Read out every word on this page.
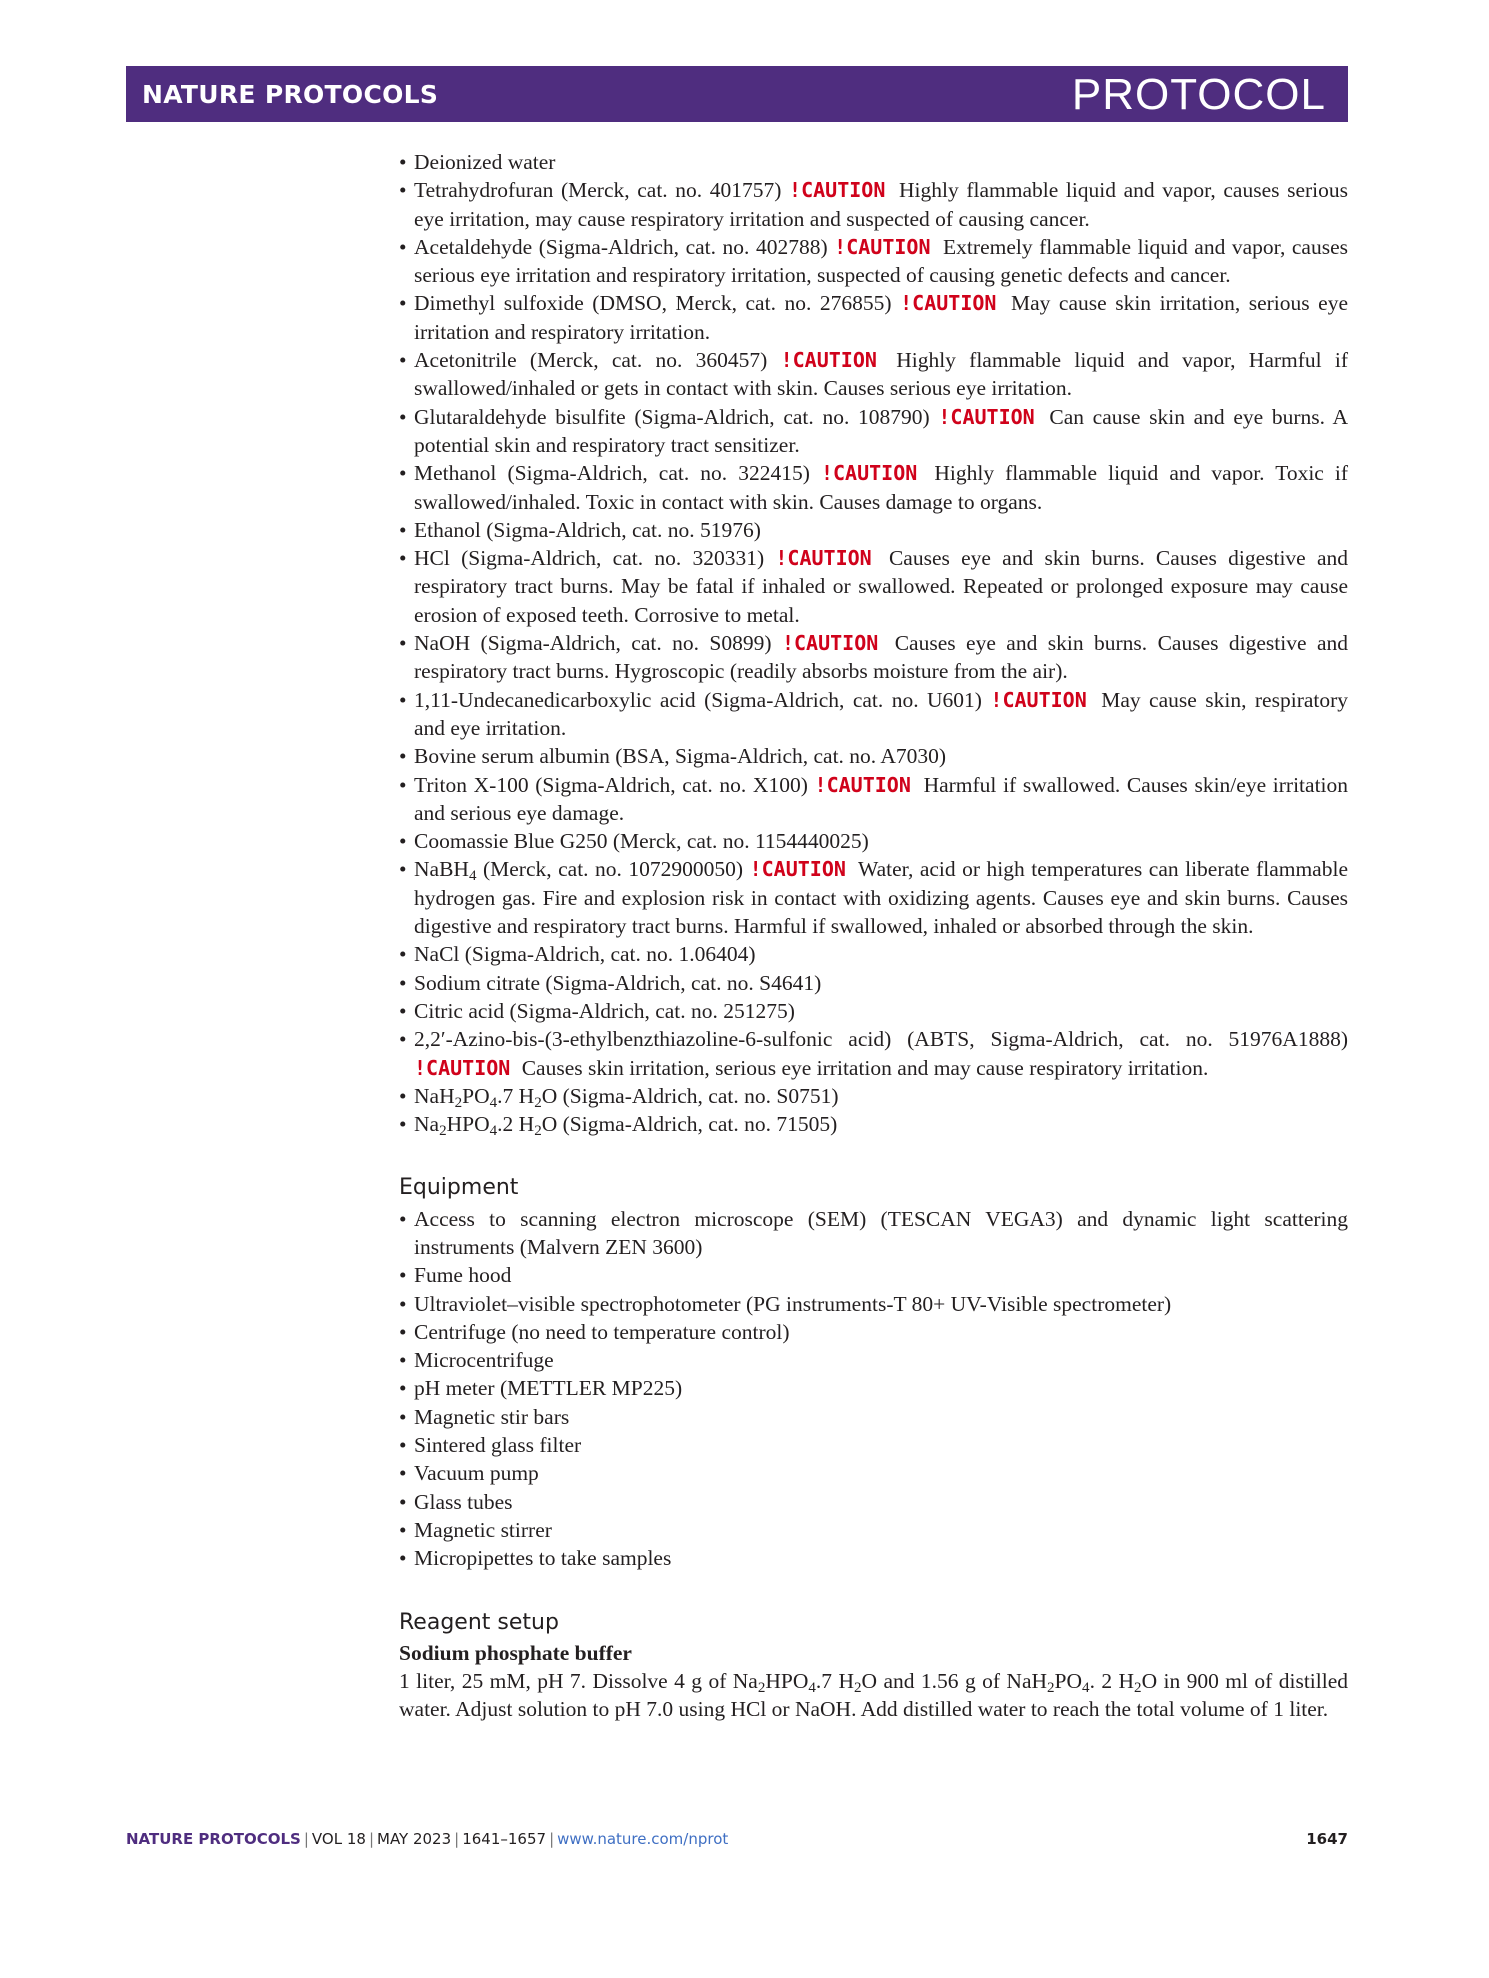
NATURE PROTOCOLS	PROTOCOL
• Deionized water
• Tetrahydrofuran (Merck, cat. no. 401757) !CAUTION Highly flammable liquid and vapor, causes serious eye irritation, may cause respiratory irritation and suspected of causing cancer.
• Acetaldehyde (Sigma-Aldrich, cat. no. 402788) !CAUTION Extremely flammable liquid and vapor, causes serious eye irritation and respiratory irritation, suspected of causing genetic defects and cancer.
• Dimethyl sulfoxide (DMSO, Merck, cat. no. 276855) !CAUTION May cause skin irritation, serious eye irritation and respiratory irritation.
• Acetonitrile (Merck, cat. no. 360457) !CAUTION Highly flammable liquid and vapor, Harmful if swallowed/inhaled or gets in contact with skin. Causes serious eye irritation.
• Glutaraldehyde bisulfite (Sigma-Aldrich, cat. no. 108790) !CAUTION Can cause skin and eye burns. A potential skin and respiratory tract sensitizer.
• Methanol (Sigma-Aldrich, cat. no. 322415) !CAUTION Highly flammable liquid and vapor. Toxic if swallowed/inhaled. Toxic in contact with skin. Causes damage to organs.
• Ethanol (Sigma-Aldrich, cat. no. 51976)
• HCl (Sigma-Aldrich, cat. no. 320331) !CAUTION Causes eye and skin burns. Causes digestive and respiratory tract burns. May be fatal if inhaled or swallowed. Repeated or prolonged exposure may cause erosion of exposed teeth. Corrosive to metal.
• NaOH (Sigma-Aldrich, cat. no. S0899) !CAUTION Causes eye and skin burns. Causes digestive and respiratory tract burns. Hygroscopic (readily absorbs moisture from the air).
• 1,11-Undecanedicarboxylic acid (Sigma-Aldrich, cat. no. U601) !CAUTION May cause skin, respiratory and eye irritation.
• Bovine serum albumin (BSA, Sigma-Aldrich, cat. no. A7030)
• Triton X-100 (Sigma-Aldrich, cat. no. X100) !CAUTION Harmful if swallowed. Causes skin/eye irritation and serious eye damage.
• Coomassie Blue G250 (Merck, cat. no. 1154440025)
• NaBH$_4$ (Merck, cat. no. 1072900050) !CAUTION Water, acid or high temperatures can liberate flammable hydrogen gas. Fire and explosion risk in contact with oxidizing agents. Causes eye and skin burns. Causes digestive and respiratory tract burns. Harmful if swallowed, inhaled or absorbed through the skin.
• NaCl (Sigma-Aldrich, cat. no. 1.06404)
• Sodium citrate (Sigma-Aldrich, cat. no. S4641)
• Citric acid (Sigma-Aldrich, cat. no. 251275)
• 2,2′-Azino-bis-(3-ethylbenzthiazoline-6-sulfonic acid) (ABTS, Sigma-Aldrich, cat. no. 51976A1888) !CAUTION Causes skin irritation, serious eye irritation and may cause respiratory irritation.
• $NaH_2PO_4.7$ $H_2O$ (Sigma-Aldrich, cat. no. S0751)
• $Na_2HPO_4.2$ $H_2O$ (Sigma-Aldrich, cat. no. 71505)
Equipment
• Access to scanning electron microscope (SEM) (TESCAN VEGA3) and dynamic light scattering instruments (Malvern ZEN 3600)
• Fume hood
• Ultraviolet–visible spectrophotometer (PG instruments-T 80+ UV-Visible spectrometer)
• Centrifuge (no need to temperature control)
• Microcentrifuge
• pH meter (METTLER MP225)
• Magnetic stir bars
• Sintered glass filter
• Vacuum pump
• Glass tubes
• Magnetic stirrer
• Micropipettes to take samples
Reagent setup
Sodium phosphate buffer
1 liter, 25 mM, pH 7. Dissolve 4 g of $Na_2HPO_4.7$ $H_2O$ and 1.56 g of $NaH_2PO_4$. 2 $H_2O$ in 900 ml of distilled water. Adjust solution to pH 7.0 using HCl or NaOH. Add distilled water to reach the total volume of 1 liter.
NATURE PROTOCOLS | VOL 18 | MAY 2023 | 1641–1657 | www.nature.com/nprot	1647
